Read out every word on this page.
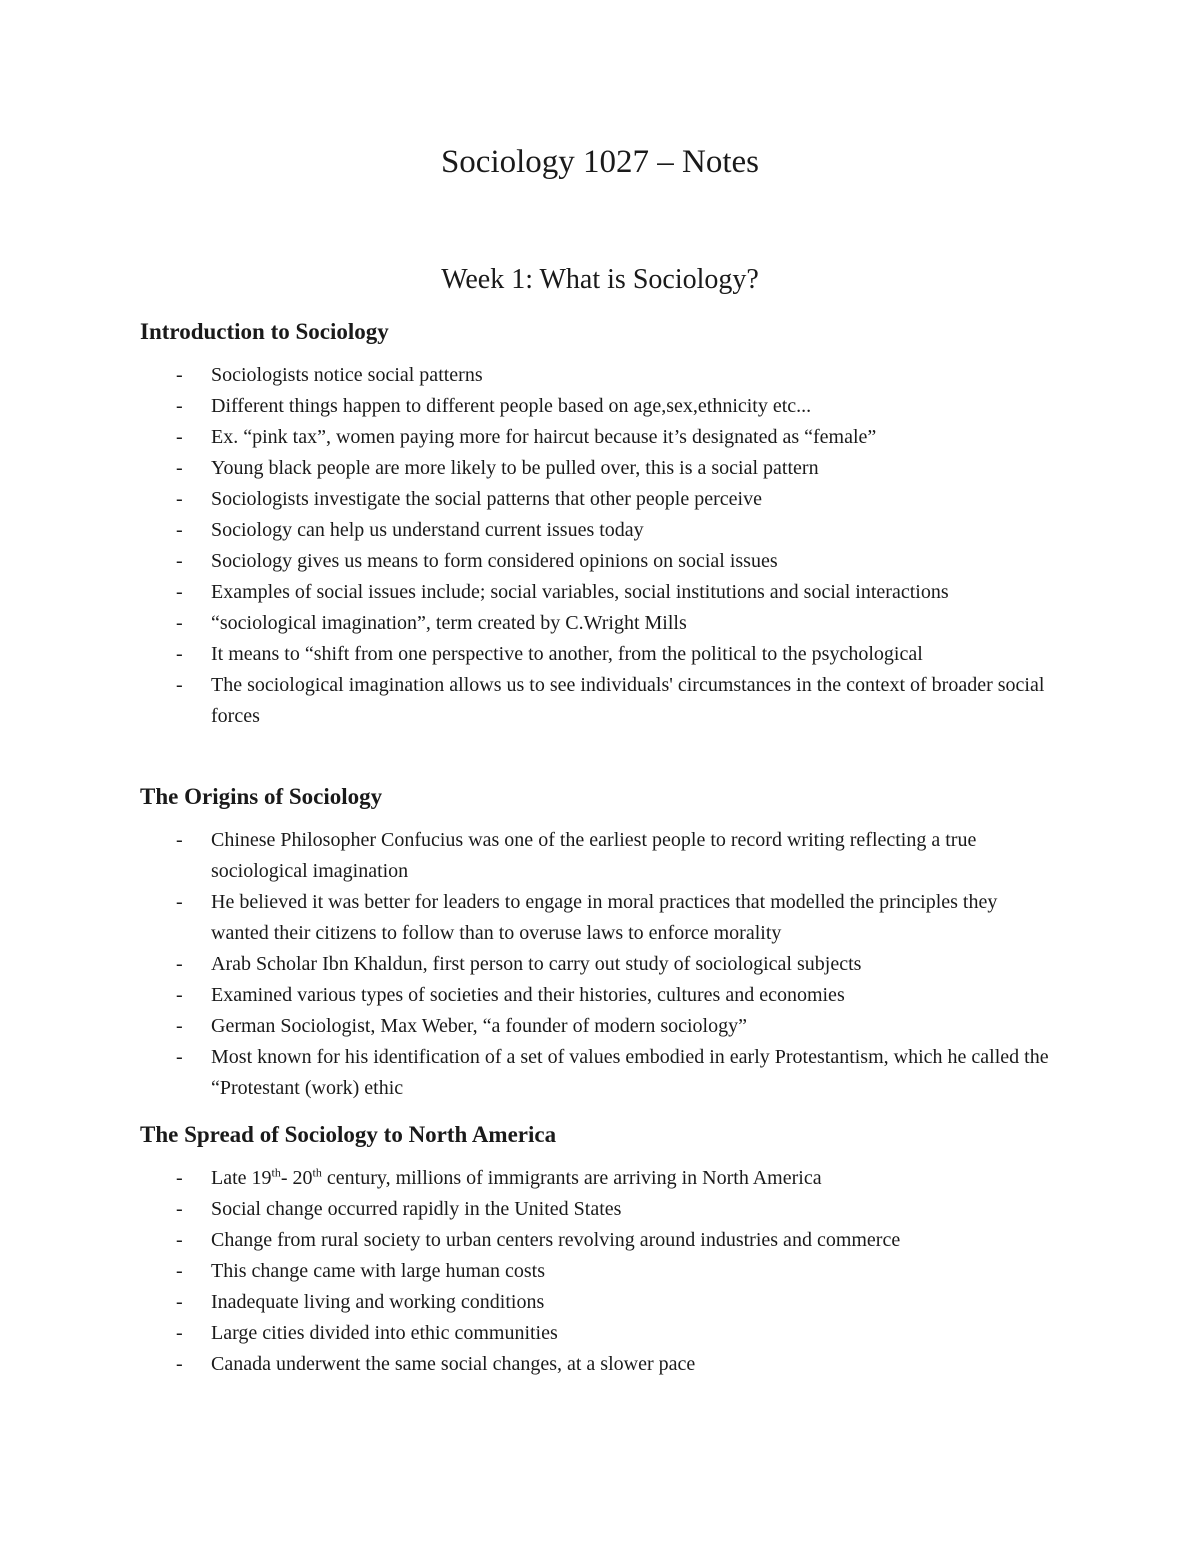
Sociology 1027 – Notes
Week 1: What is Sociology?
Introduction to Sociology
- Sociologists notice social patterns
- Different things happen to different people based on age,sex,ethnicity etc...
- Ex. “pink tax”, women paying more for haircut because it’s designated as “female”
- Young black people are more likely to be pulled over, this is a social pattern
- Sociologists investigate the social patterns that other people perceive
- Sociology can help us understand current issues today
- Sociology gives us means to form considered opinions on social issues
- Examples of social issues include; social variables, social institutions and social interactions
- “sociological imagination”, term created by C.Wright Mills
- It means to “shift from one perspective to another, from the political to the psychological
- The sociological imagination allows us to see individuals' circumstances in the context of broader social forces
The Origins of Sociology
- Chinese Philosopher Confucius was one of the earliest people to record writing reflecting a true sociological imagination
- He believed it was better for leaders to engage in moral practices that modelled the principles they wanted their citizens to follow than to overuse laws to enforce morality
- Arab Scholar Ibn Khaldun, first person to carry out study of sociological subjects
- Examined various types of societies and their histories, cultures and economies
- German Sociologist, Max Weber, “a founder of modern sociology”
- Most known for his identification of a set of values embodied in early Protestantism, which he called the “Protestant (work) ethic
The Spread of Sociology to North America
- Late 19th- 20th century, millions of immigrants are arriving in North America
- Social change occurred rapidly in the United States
- Change from rural society to urban centers revolving around industries and commerce
- This change came with large human costs
- Inadequate living and working conditions
- Large cities divided into ethic communities
- Canada underwent the same social changes, at a slower pace
